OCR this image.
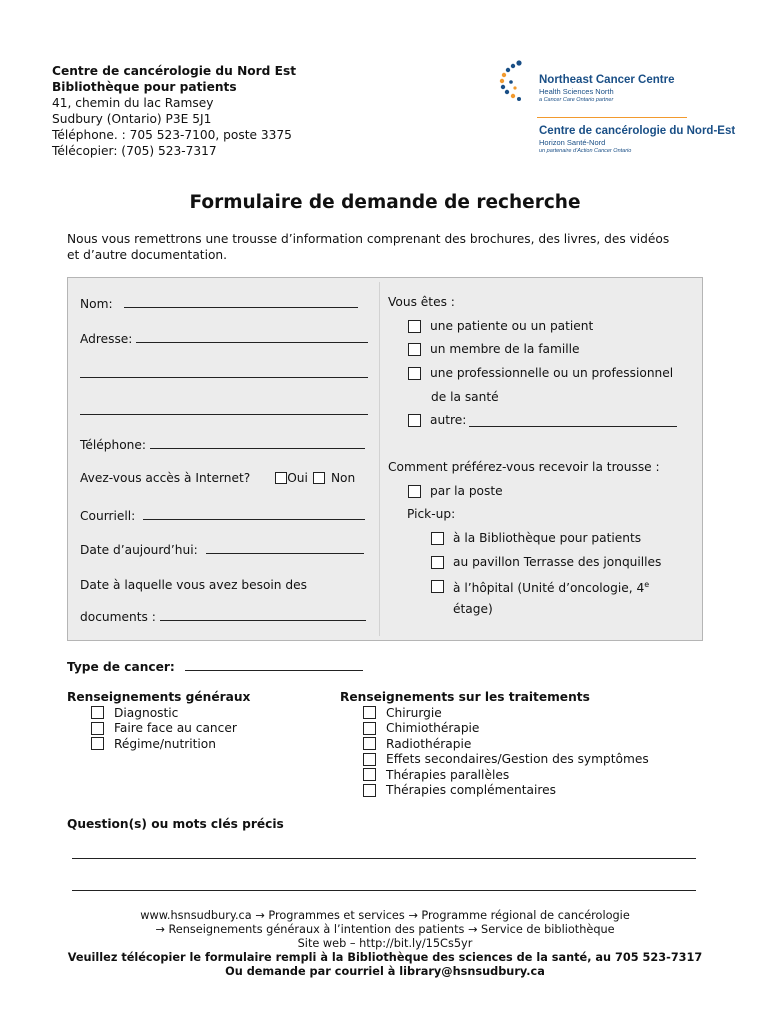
Centre de cancérologie du Nord Est
Bibliothèque pour patients
41, chemin du lac Ramsey
Sudbury (Ontario) P3E 5J1
Téléphone. : 705 523-7100, poste 3375
Télécopier: (705) 523-7317
Northeast Cancer Centre
Health Sciences North
a Cancer Care Ontario partner
Centre de cancérologie du Nord-Est
Horizon Santé-Nord
un partenaire d’Action Cancer Ontario
Formulaire de demande de recherche
Nous vous remettrons une trousse d’information comprenant des brochures, des livres, des vidéos
et d’autre documentation.
Nom:
Adresse:
Téléphone:
Avez-vous accès à Internet?	Oui Non
Courriell:
Date d’aujourd’hui:
Date à laquelle vous avez besoin des
documents :
Vous êtes :
une patiente ou un patient
un membre de la famille
une professionnelle ou un professionnel
de la santé
autre:
Comment préférez-vous recevoir la trousse :
par la poste
Pick-up:
à la Bibliothèque pour patients
au pavillon Terrasse des jonquilles
à l’hôpital (Unité d’oncologie, 4e
étage)
Type de cancer:
Renseignements généraux
Diagnostic
Faire face au cancer
Régime/nutrition
Renseignements sur les traitements
Chirurgie
Chimiothérapie
Radiothérapie
Effets secondaires/Gestion des symptômes
Thérapies parallèles
Thérapies complémentaires
Question(s) ou mots clés précis
www.hsnsudbury.ca → Programmes et services → Programme régional de cancérologie
→ Renseignements généraux à l’intention des patients → Service de bibliothèque
Site web – http://bit.ly/15Cs5yr
Veuillez télécopier le formulaire rempli à la Bibliothèque des sciences de la santé, au 705 523-7317
Ou demande par courriel à library@hsnsudbury.ca
